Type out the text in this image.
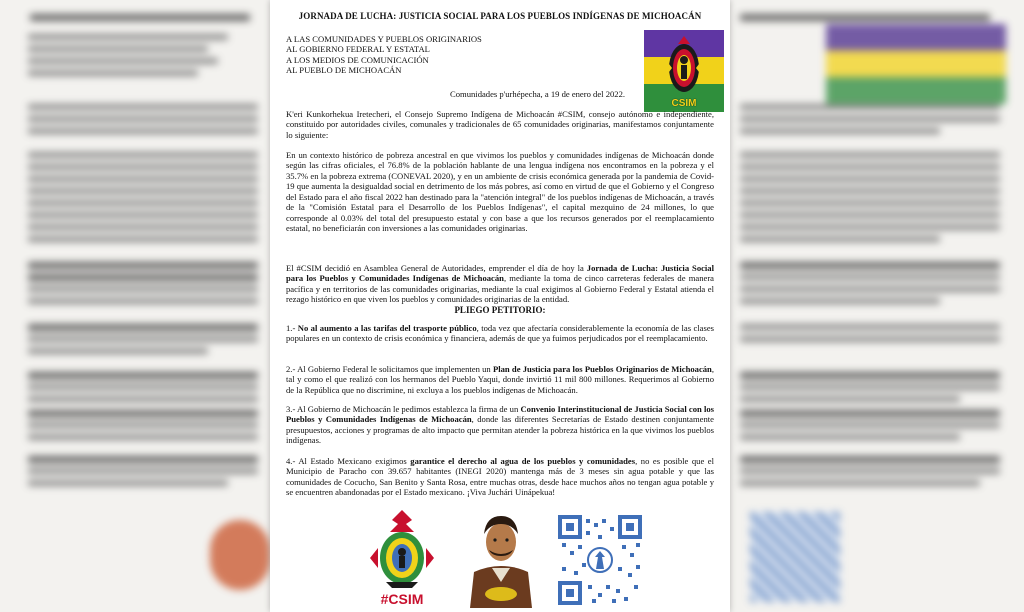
JORNADA DE LUCHA: JUSTICIA SOCIAL PARA LOS PUEBLOS INDÍGENAS DE MICHOACÁN
A LAS COMUNIDADES Y PUEBLOS ORIGINARIOS
AL GOBIERNO FEDERAL Y ESTATAL
A LOS MEDIOS DE COMUNICACIÓN
AL PUEBLO DE MICHOACÁN
CSIM
Comunidades p'urhépecha, a 19 de enero del 2022.

K'eri Kunkorhekua Iretecheri, el Consejo Supremo Indígena de Michoacán #CSIM, consejo autónomo e independiente, constituido por autoridades civiles, comunales y tradicionales de 65 comunidades originarias, manifestamos conjuntamente lo siguiente:

En un contexto histórico de pobreza ancestral en que vivimos los pueblos y comunidades indígenas de Michoacán donde según las cifras oficiales, el 76.8% de la población hablante de una lengua indígena nos encontramos en la pobreza y el 35.7% en la pobreza extrema (CONEVAL 2020), y en un ambiente de crisis económica generada por la pandemia de Covid-19 que aumenta la desigualdad social en detrimento de los más pobres, así como en virtud de que el Gobierno y el Congreso del Estado para el año fiscal 2022 han destinado para la "atención integral" de los pueblos indígenas de Michoacán, a través de la "Comisión Estatal para el Desarrollo de los Pueblos Indígenas", el capital mezquino de 24 millones, lo que corresponde al 0.03% del total del presupuesto estatal y con base a que los recursos generados por el reemplacamiento estatal, no beneficiarán con inversiones a las comunidades originarias.

El #CSIM decidió en Asamblea General de Autoridades, emprender el día de hoy la Jornada de Lucha: Justicia Social para los Pueblos y Comunidades Indígenas de Michoacán, mediante la toma de cinco carreteras federales de manera pacífica y en territorios de las comunidades originarias, mediante la cual exigimos al Gobierno Federal y Estatal atienda el rezago histórico en que viven los pueblos y comunidades originarias de la entidad.

PLIEGO PETITORIO:

1.- No al aumento a las tarifas del trasporte público, toda vez que afectaría considerablemente la economía de las clases populares en un contexto de crisis económica y financiera, además de que ya fuimos perjudicados por el reemplacamiento.

2.- Al Gobierno Federal le solicitamos que implementen un Plan de Justicia para los Pueblos Originarios de Michoacán, tal y como el que realizó con los hermanos del Pueblo Yaqui, donde invirtió 11 mil 800 millones. Requerimos al Gobierno de la República que no discrimine, ni excluya a los pueblos indígenas de Michoacán.

3.- Al Gobierno de Michoacán le pedimos establezca la firma de un Convenio Interinstitucional de Justicia Social con los Pueblos y Comunidades Indígenas de Michoacán, donde las diferentes Secretarías de Estado destinen conjuntamente presupuestos, acciones y programas de alto impacto que permitan atender la pobreza histórica en la que vivimos los pueblos indígenas.

4.- Al Estado Mexicano exigimos garantice el derecho al agua de los pueblos y comunidades, no es posible que el Municipio de Paracho con 39.657 habitantes (INEGI 2020) mantenga más de 3 meses sin agua potable y que las comunidades de Cocucho, San Benito y Santa Rosa, entre muchas otras, desde hace muchos años no tengan agua potable y se encuentren abandonadas por el Estado mexicano. ¡Viva Juchári Uinápekua!

#CSIM
